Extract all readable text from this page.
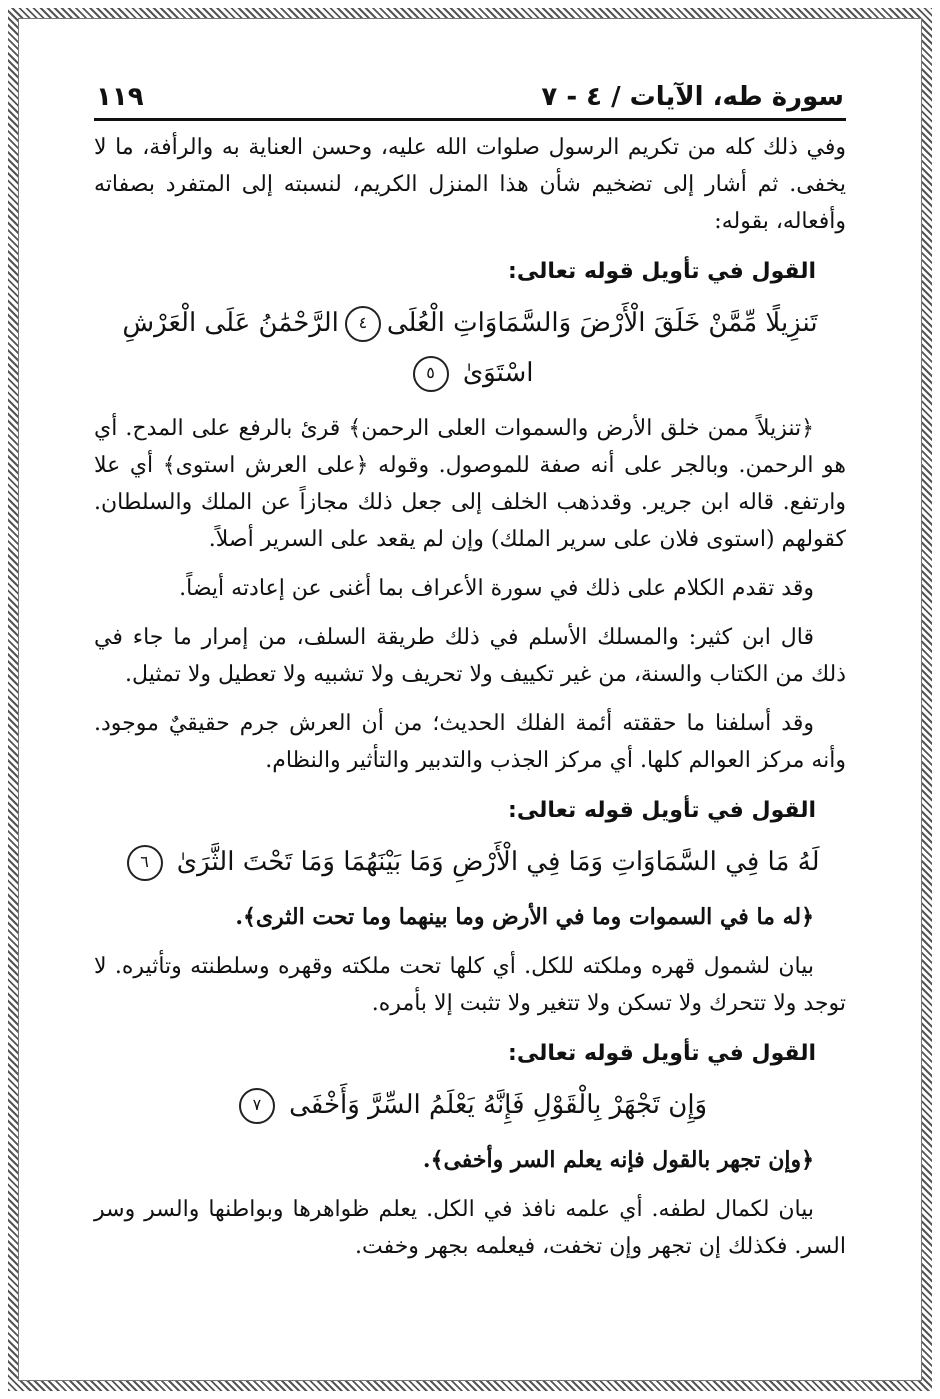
سورة طه، الآيات / ٤ - ٧
١١٩

وفي ذلك كله من تكريم الرسول صلوات الله عليه، وحسن العناية به والرأفة، ما لا يخفى. ثم أشار إلى تضخيم شأن هذا المنزل الكريم، لنسبته إلى المتفرد بصفاته وأفعاله، بقوله:

القول في تأويل قوله تعالى:

تَنزِيلًا مِّمَّنْ خَلَقَ الْأَرْضَ وَالسَّمَاوَاتِ الْعُلَى٤الرَّحْمَٰنُ عَلَى الْعَرْشِ اسْتَوَىٰ ٥

﴿تنزيلاً ممن خلق الأرض والسموات العلى الرحمن﴾ قرئ بالرفع على المدح. أي هو الرحمن. وبالجر على أنه صفة للموصول. وقوله ﴿على العرش استوى﴾ أي علا وارتفع. قاله ابن جرير. وقدذهب الخلف إلى جعل ذلك مجازاً عن الملك والسلطان. كقولهم (استوى فلان على سرير الملك) وإن لم يقعد على السرير أصلاً.

وقد تقدم الكلام على ذلك في سورة الأعراف بما أغنى عن إعادته أيضاً.

قال ابن كثير: والمسلك الأسلم في ذلك طريقة السلف، من إمرار ما جاء في ذلك من الكتاب والسنة، من غير تكييف ولا تحريف ولا تشبيه ولا تعطيل ولا تمثيل.

وقد أسلفنا ما حققته أئمة الفلك الحديث؛ من أن العرش جرم حقيقيٌ موجود. وأنه مركز العوالم كلها. أي مركز الجذب والتدبير والتأثير والنظام.

القول في تأويل قوله تعالى:

لَهُ مَا فِي السَّمَاوَاتِ وَمَا فِي الْأَرْضِ وَمَا بَيْنَهُمَا وَمَا تَحْتَ الثَّرَىٰ ٦

﴿له ما في السموات وما في الأرض وما بينهما وما تحت الثرى﴾.

بيان لشمول قهره وملكته للكل. أي كلها تحت ملكته وقهره وسلطنته وتأثيره. لا توجد ولا تتحرك ولا تسكن ولا تتغير ولا تثبت إلا بأمره.

القول في تأويل قوله تعالى:

وَإِن تَجْهَرْ بِالْقَوْلِ فَإِنَّهُ يَعْلَمُ السِّرَّ وَأَخْفَى ٧

﴿وإن تجهر بالقول فإنه يعلم السر وأخفى﴾.

بيان لكمال لطفه. أي علمه نافذ في الكل. يعلم ظواهرها وبواطنها والسر وسر السر. فكذلك إن تجهر وإن تخفت، فيعلمه بجهر وخفت.
